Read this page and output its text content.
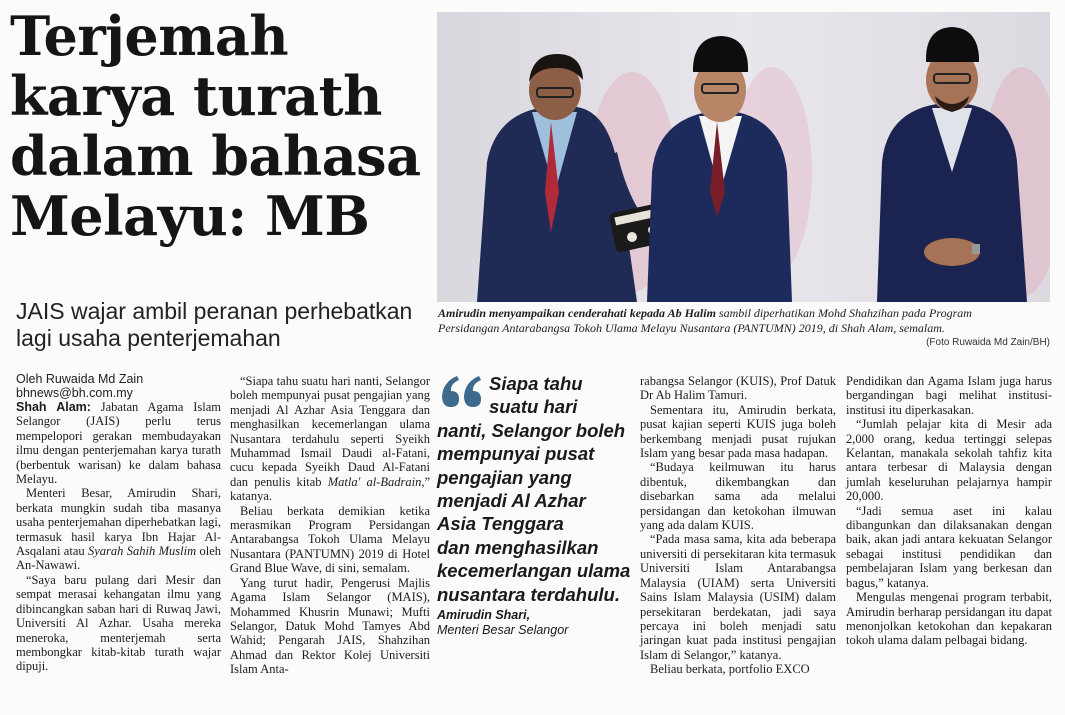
Terjemah
karya turath
dalam bahasa
Melayu: MB
JAIS wajar ambil peranan perhebatkan
lagi usaha penterjemahan
Amirudin menyampaikan cenderahati kepada Ab Halim sambil diperhatikan Mohd Shahzihan pada Program
Persidangan Antarabangsa Tokoh Ulama Melayu Nusantara (PANTUMN) 2019, di Shah Alam, semalam.
(Foto Ruwaida Md Zain/BH)
Oleh Ruwaida Md Zain
bhnews@bh.com.my

Shah Alam: Jabatan Agama Islam Selangor (JAIS) perlu terus mempelopori gerakan membudayakan ilmu dengan penterjemahan karya turath (berbentuk warisan) ke dalam bahasa Melayu.

Menteri Besar, Amirudin Shari, berkata mungkin sudah tiba masanya usaha penterjemahan diperhebatkan lagi, termasuk hasil karya Ibn Hajar Al-Asqalani atau Syarah Sahih Muslim oleh An-Nawawi.

“Saya baru pulang dari Mesir dan sempat merasai kehangatan ilmu yang dibincangkan saban hari di Ruwaq Jawi, Universiti Al Azhar. Usaha mereka meneroka, menterjemah serta membongkar kitab-kitab turath wajar dipuji.

“Siapa tahu suatu hari nanti, Selangor boleh mempunyai pusat pengajian yang menjadi Al Azhar Asia Tenggara dan menghasilkan kecemerlangan ulama Nusantara terdahulu seperti Syeikh Muhammad Ismail Daudi al-Fatani, cucu kepada Syeikh Daud Al-Fatani dan penulis kitab Matla' al-Badrain,” katanya.

Beliau berkata demikian ketika merasmikan Program Persidangan Antarabangsa Tokoh Ulama Melayu Nusantara (PANTUMN) 2019 di Hotel Grand Blue Wave, di sini, semalam.

Yang turut hadir, Pengerusi Majlis Agama Islam Selangor (MAIS), Mohammed Khusrin Munawi; Mufti Selangor, Datuk Mohd Tamyes Abd Wahid; Pengarah JAIS, Shahzihan Ahmad dan Rektor Kolej Universiti Islam Anta-

Siapa tahu
suatu hari
nanti, Selangor boleh
mempunyai pusat
pengajian yang
menjadi Al Azhar
Asia Tenggara
dan menghasilkan
kecemerlangan ulama
nusantara terdahulu.
Amirudin Shari,
Menteri Besar Selangor

rabangsa Selangor (KUIS), Prof Datuk Dr Ab Halim Tamuri.

Sementara itu, Amirudin berkata, pusat kajian seperti KUIS juga boleh berkembang menjadi pusat rujukan Islam yang besar pada masa hadapan.

“Budaya keilmuwan itu harus dibentuk, dikembangkan dan disebarkan sama ada melalui persidangan dan ketokohan ilmuwan yang ada dalam KUIS.

“Pada masa sama, kita ada beberapa universiti di persekitaran kita termasuk Universiti Islam Antarabangsa Malaysia (UIAM) serta Universiti Sains Islam Malaysia (USIM) dalam persekitaran berdekatan, jadi saya percaya ini boleh menjadi satu jaringan kuat pada institusi pengajian Islam di Selangor,” katanya.

Beliau berkata, portfolio EXCO

Pendidikan dan Agama Islam juga harus bergandingan bagi melihat institusi-institusi itu diperkasakan.

“Jumlah pelajar kita di Mesir ada 2,000 orang, kedua tertinggi selepas Kelantan, manakala sekolah tahfiz kita antara terbesar di Malaysia dengan jumlah keseluruhan pelajarnya hampir 20,000.

“Jadi semua aset ini kalau dibangunkan dan dilaksanakan dengan baik, akan jadi antara kekuatan Selangor sebagai institusi pendidikan dan pembelajaran Islam yang berkesan dan bagus,” katanya.

Mengulas mengenai program terbabit, Amirudin berharap persidangan itu dapat menonjolkan ketokohan dan kepakaran tokoh ulama dalam pelbagai bidang.
